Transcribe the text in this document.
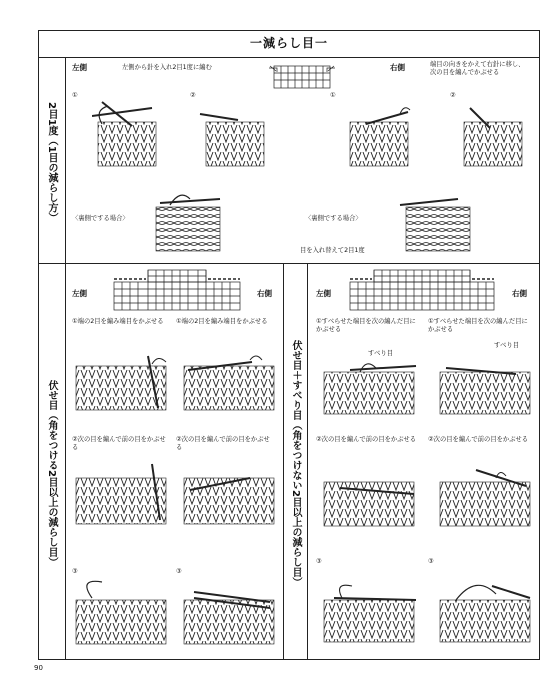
一減らし目一
2目1度（1目の減らし方）
左側	左側から針を入れ2目1度に編む	右側	端目の向きをかえて右針に移し、
次の目を編んでかぶせる
①	②	①	②
〈裏側でする場合〉	〈裏側でする場合〉
目を入れ替えて2目1度
伏せ目（角をつける2目以上の減らし目）
左側	右側
①端の2目を編み端目をかぶせる	①端の2目を編み端目をかぶせる
②次の目を編んで前の目をかぶせる
②次の目を編んで前の目をかぶせる
③	③	伏せ目＋すべり目（角をつけない2目以上の減らし目）
左側	右側
①すべらせた端目を次の編んだ目にかぶせる
①すべらせた端目を次の編んだ目にかぶせる
すべり目
すべり目
②次の目を編んで前の目をかぶせる	②次の目を編んで前の目をかぶせる
③	③
90
